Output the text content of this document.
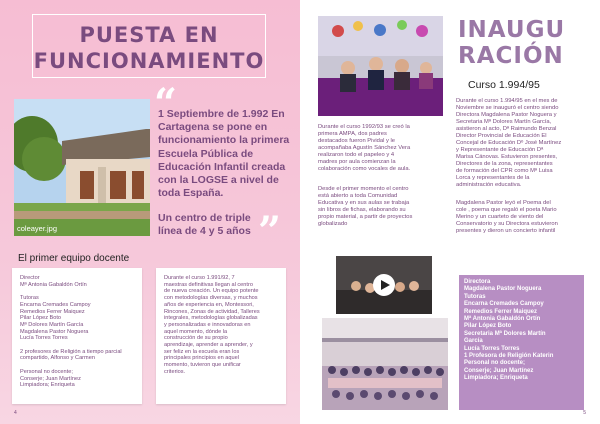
PUESTA EN
FUNCIONAMIENTO
coleayer.jpg
“
1 Septiembre de 1.992 En Cartagena se pone en funcionamiento la primera Escuela Pública de Educación Infantil creada con la LOGSE a nivel de toda España.
Un centro de triple línea de 4 y 5 años ”
El primer equipo docente
Director
Mª Antonia Gabaldón Ortín
Tutoras
Encarna Cremades Campoy
Remedios Ferrer Maiquez
Pilar López Boto
Mª Dolores Martín García
Magdalena Pastor Noguera
Lucía Torres Torres
2 profesores de Religión a tiempo parcial
compartido, Alfonso y Carmen
Personal no docente;
Conserje; Juan Martínez
Limpiadora; Enriqueta
Durante el curso 1.991/92, 7
maestras definitivas llegan al centro
de nueva creación. Un equipo potente
con metodologías diversas, y muchos
años de experiencia en, Montessori,
Rincones, Zonas de actividad, Talleres
integrales, metodologías globalizadas
y personalizadas e innovadoras en
aquel momento, dónde la
construcción de su propio
aprendizaje, aprender a aprender, y
ser feliz en la escuela eran los
principales principios en aquel
momento, tuvieron que unificar
criterios.
4
INAUGU
RACIÓN
Curso 1.994/95
Durante el curso 1992/93 se creó la
primera AMPA, dos padres
destacados fueron Pividal y le
acompañaba Agustín Sánchez Vera
realizaron todo el papeleo y 4
madres por aula comienzan la
colaboración como vocales de aula.
Desde el primer momento el centro
está abierto a toda Comunidad
Educativa y en sus aulas se trabaja
sin libros de fichas, elaborando su
propio material, a partir de proyectos
globalizado
Durante el curso 1.994/95 en el mes de
Noviembre se inauguró el centro siendo
Directora Magdalena Pastor Noguera y
Secretaria Mª Dolores Martín García,
asistieron al acto, Dª Raimundo Benzal
Director Provincial de Educación El
Concejal de Educación Dº José Martínez
y Representante de Educación Dª
Marisa Cánovas. Estuvieron presentes,
Directores de la zona, representantes
de formación del CPR como Mª Luisa
Lorca y representantes de la
administración educativa.
Magdalena Pastor leyó el Poema del
cole , poema que regaló el poeta Mario
Merino y un cuarteto de viento del
Conservatorio y su Directora estuvieron
presentes y dieron un concierto infantil
Directora
Magdalena Pastor Noguera
Tutoras
Encarna Cremades Campoy
Remedios Ferrer Maiquez
Mª Antonia Gabaldón Ortín
Pilar López Boto
Secretaria Mª Dolores Martín
García
Lucía Torres Torres
1 Profesora de Religión Katerin
Personal no docente;
Conserje; Juan Martínez
Limpiadora; Enriqueta
5
